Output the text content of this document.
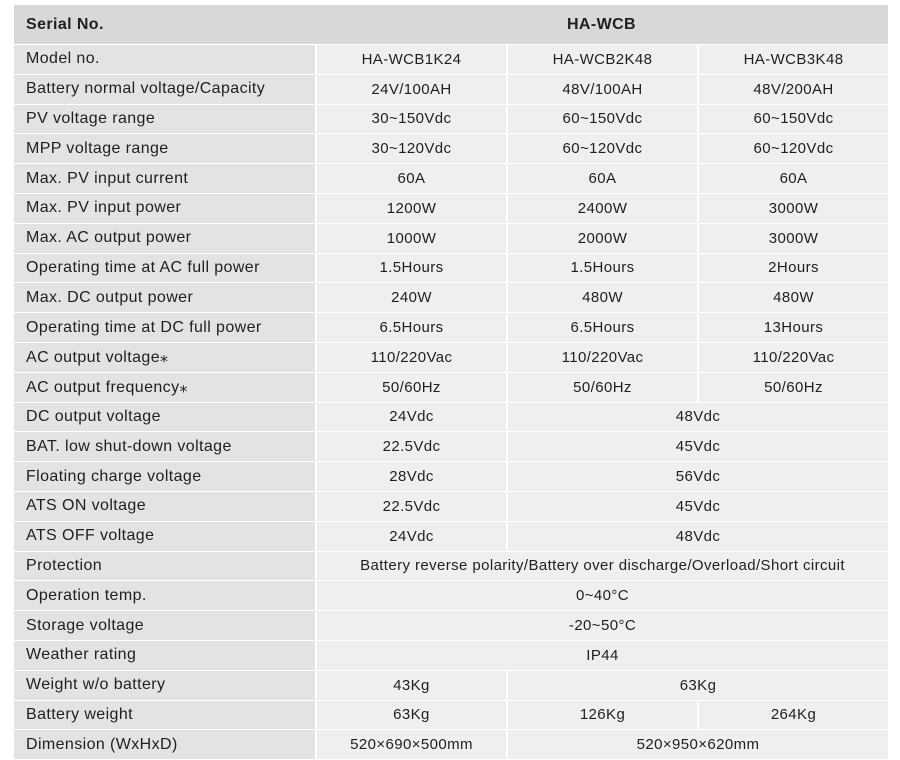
Serial No.	HA-WCB		
Model no.	HA-WCB1K24	HA-WCB2K48	HA-WCB3K48
Battery normal voltage/Capacity	24V/100AH	48V/100AH	48V/200AH
PV voltage range	30~150Vdc	60~150Vdc	60~150Vdc
MPP voltage range	30~120Vdc	60~120Vdc	60~120Vdc
Max. PV input current	60A	60A	60A
Max. PV input power	1200W	2400W	3000W
Max. AC output power	1000W	2000W	3000W
Operating time at AC full power	1.5Hours	1.5Hours	2Hours
Max. DC output power	240W	480W	480W
Operating time at DC full power	6.5Hours	6.5Hours	13Hours
AC output voltage⁎	110/220Vac	110/220Vac	110/220Vac
AC output frequency⁎	50/60Hz	50/60Hz	50/60Hz
DC output voltage	24Vdc	48Vdc	
BAT. low shut-down voltage	22.5Vdc	45Vdc	
Floating charge voltage	28Vdc	56Vdc	
ATS ON voltage	22.5Vdc	45Vdc	
ATS OFF voltage	24Vdc	48Vdc	
Protection	Battery reverse polarity/Battery over discharge/Overload/Short circuit		
Operation temp.	0~40°C		
Storage voltage	-20~50°C		
Weather rating	IP44		
Weight w/o battery	43Kg	63Kg	
Battery weight	63Kg	126Kg	264Kg
Dimension (WxHxD)	520×690×500mm	520×950×620mm	
